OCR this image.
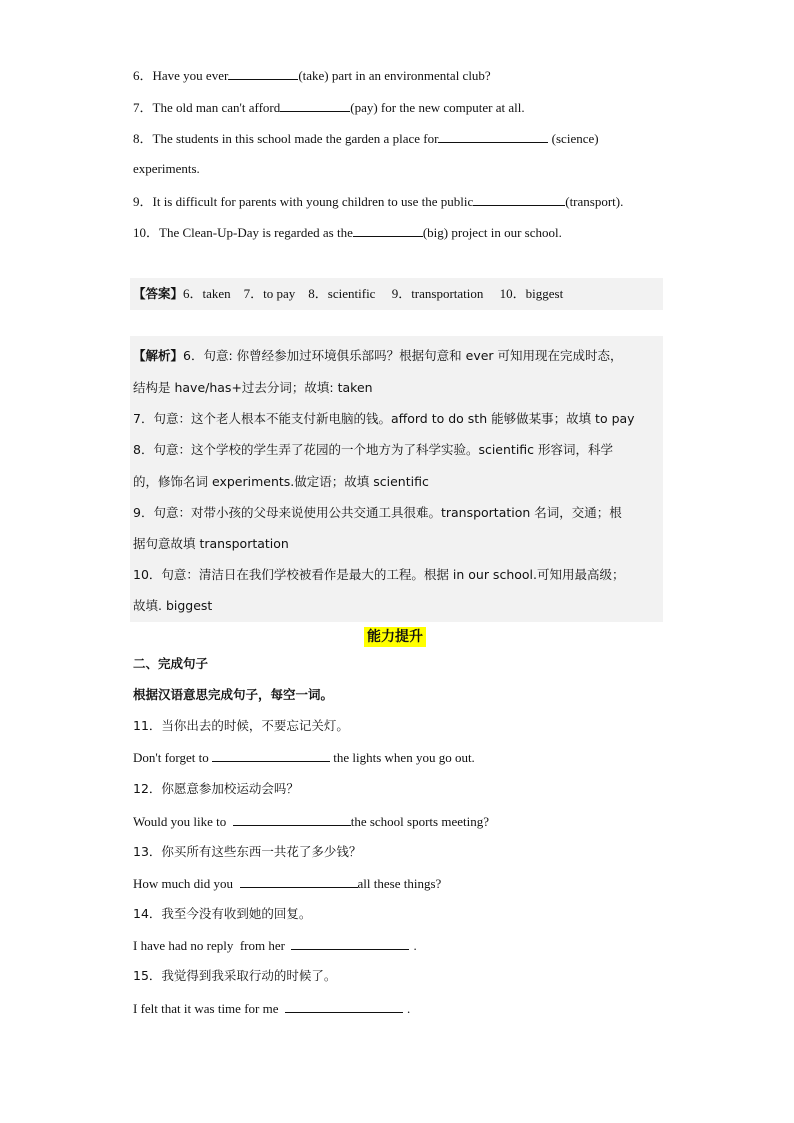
6．Have you ever	(take) part in an environmental club?
7．The old man can't afford	(pay) for the new computer at all.
8．The students in this school made the garden a place for	(science)
experiments.
9．It is difficult for parents with young children to use the public	(transport).
10．The Clean-Up-Day is regarded as the	(big) project in our school.
【答案】6．taken    7．to pay    8．scientific     9．transportation     10．biggest
【解析】6．句意: 你曾经参加过环境俱乐部吗？根据句意和 ever 可知用现在完成时态，
结构是 have/has+过去分词；故填: taken
7．句意：这个老人根本不能支付新电脑的钱。afford to do sth 能够做某事；故填 to pay
8．句意：这个学校的学生弄了花园的一个地方为了科学实验。scientific 形容词，科学
的，修饰名词 experiments.做定语；故填 scientific
9．句意：对带小孩的父母来说使用公共交通工具很难。transportation 名词，交通；根
据句意故填 transportation
10．句意：清洁日在我们学校被看作是最大的工程。根据 in our school.可知用最高级；
故填. biggest
能力提升
二、完成句子
根据汉语意思完成句子，每空一词。
11．当你出去的时候，不要忘记关灯。
Don't forget to	the lights when you go out.
12．你愿意参加校运动会吗？
Would you like to	the school sports meeting?
13．你买所有这些东西一共花了多少钱？
How much did you	all these things?
14．我至今没有收到她的回复。
I have had no reply  from her	.
15．我觉得到我采取行动的时候了。
I felt that it was time for me	.
